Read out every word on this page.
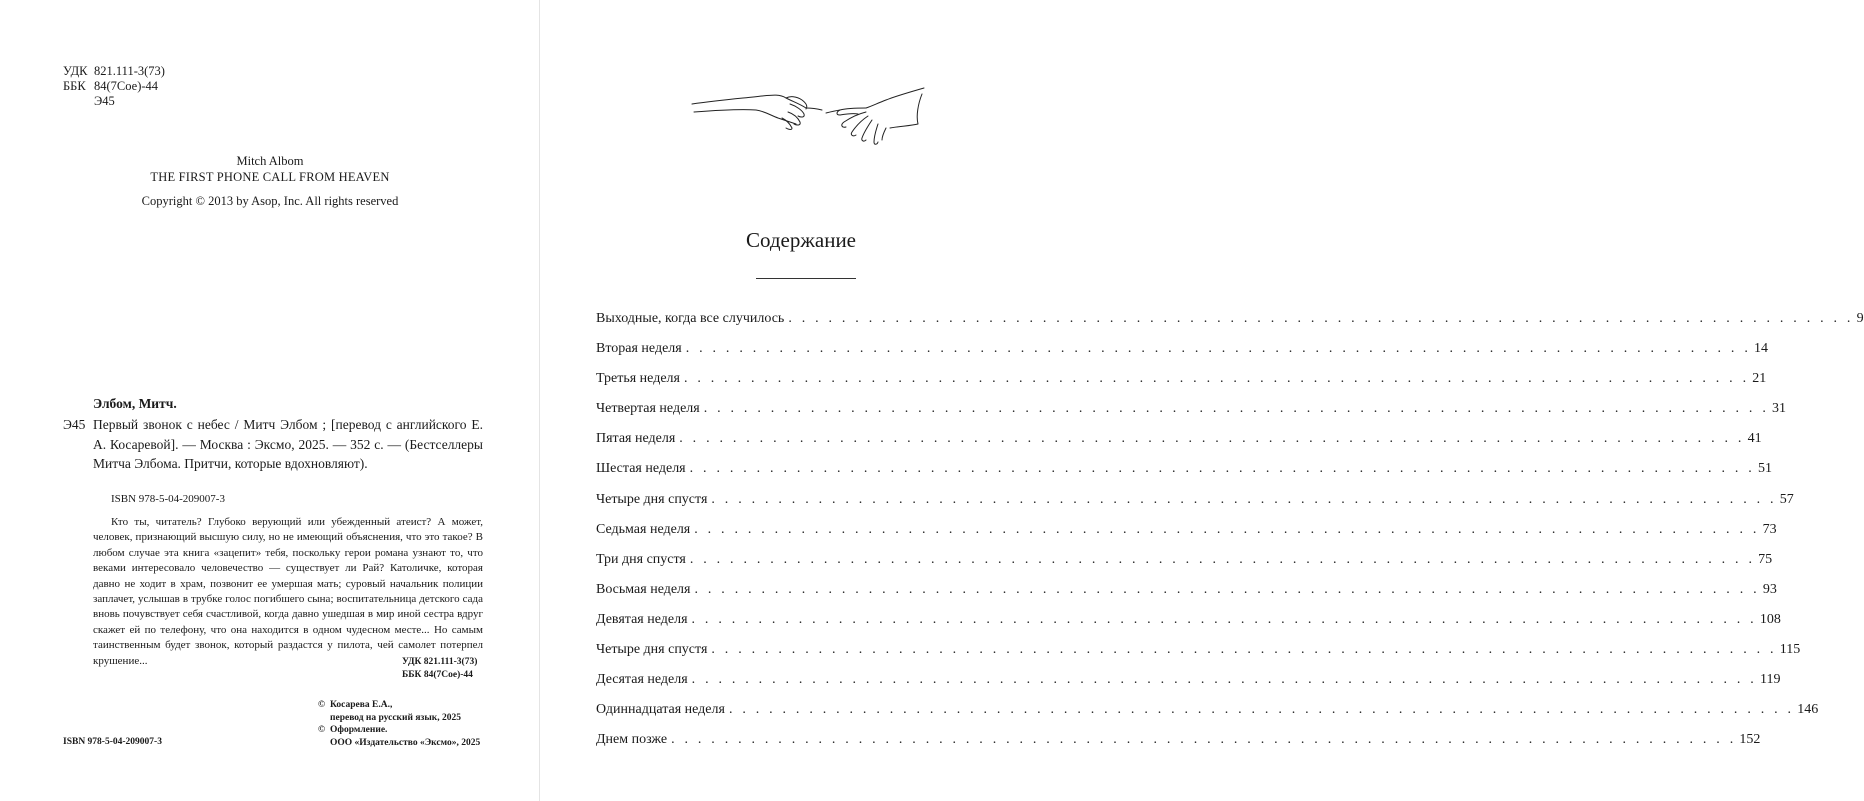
УДК 821.111-3(73)
ББК 84(7Сое)-44
Э45
Mitch Albom
THE FIRST PHONE CALL FROM HEAVEN
Copyright © 2013 by Asop, Inc. All rights reserved
Элбом, Митч.
Э45 Первый звонок с небес / Митч Элбом ; [перевод с английского Е. А. Косаревой]. — Москва : Эксмо, 2025. — 352 с. — (Бестселлеры Митча Элбома. Притчи, которые вдохновляют).
ISBN 978-5-04-209007-3
Кто ты, читатель? Глубоко верующий или убежденный атеист? А может, человек, признающий высшую силу, но не имеющий объяснения, что это такое? В любом случае эта книга «зацепит» тебя, поскольку герои романа узнают то, что веками интересовало человечество — существует ли Рай? Католичке, которая давно не ходит в храм, позвонит ее умершая мать; суровый начальник полиции заплачет, услышав в трубке голос погибшего сына; воспитательница детского сада вновь почувствует себя счастливой, когда давно ушедшая в мир иной сестра вдруг скажет ей по телефону, что она находится в одном чудесном месте... Но самым таинственным будет звонок, который раздастся у пилота, чей самолет потерпел крушение...	УДК 821.111-3(73)
ББК 84(7Сое)-44
© Косарева Е.А.,
перевод на русский язык, 2025
© Оформление.
ООО «Издательство «Эксмо», 2025
ISBN 978-5-04-209007-3
Содержание
Выходные, когда все случилось . . . . . . . . . . . . . . . . . . . . . . . . . . . . . . . . . . . . . . . . . . . . . . . . . . . . . . . . . . . . . . . . . . . . . . . . . . . . . . . . 9
Вторая неделя . . . . . . . . . . . . . . . . . . . . . . . . . . . . . . . . . . . . . . . . . . . . . . . . . . . . . . . . . . . . . . . . . . . . . . . . . . . . . . . . 14
Третья неделя . . . . . . . . . . . . . . . . . . . . . . . . . . . . . . . . . . . . . . . . . . . . . . . . . . . . . . . . . . . . . . . . . . . . . . . . . . . . . . . . 21
Четвертая неделя . . . . . . . . . . . . . . . . . . . . . . . . . . . . . . . . . . . . . . . . . . . . . . . . . . . . . . . . . . . . . . . . . . . . . . . . . . . . . . . . 31
Пятая неделя . . . . . . . . . . . . . . . . . . . . . . . . . . . . . . . . . . . . . . . . . . . . . . . . . . . . . . . . . . . . . . . . . . . . . . . . . . . . . . . . 41
Шестая неделя . . . . . . . . . . . . . . . . . . . . . . . . . . . . . . . . . . . . . . . . . . . . . . . . . . . . . . . . . . . . . . . . . . . . . . . . . . . . . . . . 51
Четыре дня спустя . . . . . . . . . . . . . . . . . . . . . . . . . . . . . . . . . . . . . . . . . . . . . . . . . . . . . . . . . . . . . . . . . . . . . . . . . . . . . . . . 57
Седьмая неделя . . . . . . . . . . . . . . . . . . . . . . . . . . . . . . . . . . . . . . . . . . . . . . . . . . . . . . . . . . . . . . . . . . . . . . . . . . . . . . . . 73
Три дня спустя . . . . . . . . . . . . . . . . . . . . . . . . . . . . . . . . . . . . . . . . . . . . . . . . . . . . . . . . . . . . . . . . . . . . . . . . . . . . . . . . 75
Восьмая неделя . . . . . . . . . . . . . . . . . . . . . . . . . . . . . . . . . . . . . . . . . . . . . . . . . . . . . . . . . . . . . . . . . . . . . . . . . . . . . . . . 93
Девятая неделя . . . . . . . . . . . . . . . . . . . . . . . . . . . . . . . . . . . . . . . . . . . . . . . . . . . . . . . . . . . . . . . . . . . . . . . . . . . . . . . . 108
Четыре дня спустя . . . . . . . . . . . . . . . . . . . . . . . . . . . . . . . . . . . . . . . . . . . . . . . . . . . . . . . . . . . . . . . . . . . . . . . . . . . . . . . . 115
Десятая неделя . . . . . . . . . . . . . . . . . . . . . . . . . . . . . . . . . . . . . . . . . . . . . . . . . . . . . . . . . . . . . . . . . . . . . . . . . . . . . . . . 119
Одиннадцатая неделя . . . . . . . . . . . . . . . . . . . . . . . . . . . . . . . . . . . . . . . . . . . . . . . . . . . . . . . . . . . . . . . . . . . . . . . . . . . . . . . . 146
Днем позже . . . . . . . . . . . . . . . . . . . . . . . . . . . . . . . . . . . . . . . . . . . . . . . . . . . . . . . . . . . . . . . . . . . . . . . . . . . . . . . . 152
